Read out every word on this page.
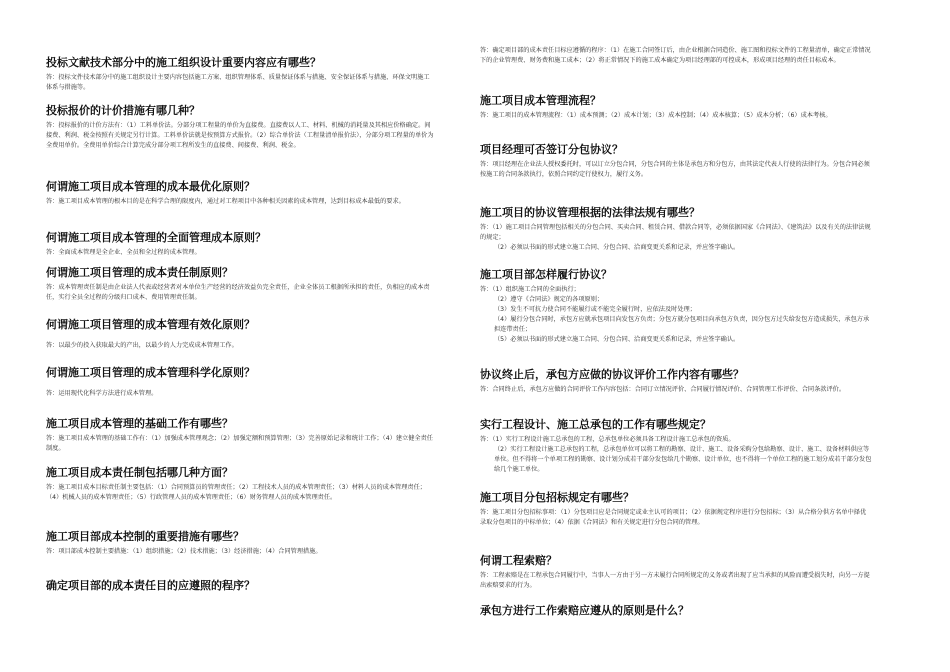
投标文献技术部分中的施工组织设计重要内容应有哪些？

答：投标文件技术部分中的施工组织设计主要内容包括施工方案、组织管理体系、质量保证体系与措施、安全保证体系与措施、环保文明施工体系与措施等。

投标报价的计价措施有哪几种？

答：投标报价的计价方法有：（1）工料单价法。分部分项工程量的单价为直接费。直接费以人工、材料、机械的消耗量及其相应价格确定。间接费、利润、税金按照有关规定另行计算。工料单价法就是按预算方式报价。（2）综合单价法（工程量清单报价法），分部分项工程量的单价为全费用单价。全费用单价综合计算完成分部分项工程所发生的直接费、间接费、利润、税金。

何谓施工项目成本管理的成本最优化原则？

答：施工项目成本管理的根本目的是在科学合理的限度内，通过对工程项目中各种相关因素的成本管理，达到目标成本最低的要求。

何谓施工项目成本管理的全面管理成本原则？

答：全面成本管理是全企业、全员和全过程的成本管理。

何谓施工项目管理的成本责任制原则？

答：成本管理责任制是由企业法人代表或经营者对本单位生产经营的经济效益负完全责任，企业全体员工根据所承担的责任，负相应的成本责任，实行全员全过程的分级归口成本、费用管理责任制。

何谓施工项目管理的成本管理有效化原则？

答：以最少的投入获取最大的产出，以最少的人力完成成本管理工作。

何谓施工项目管理的成本管理科学化原则？

答：运用现代化科学方法进行成本管理。

施工项目成本管理的基础工作有哪些？

答：施工项目成本管理的基础工作有：（1）加强成本管理观念；（2）加强定额和预算管理；（3）完善原始记录和统计工作；（4）建立健全责任制度。

施工项目成本责任制包括哪几种方面？

答：施工项目成本目标责任制主要包括：（1）合同预算员的管理责任；（2）工程技术人员的成本管理责任；（3）材料人员的成本管理责任；（4）机械人员的成本管理责任；（5）行政管理人员的成本管理责任；（6）财务管理人员的成本管理责任。

施工项目部成本控制的重要措施有哪些？

答：项目部成本控制主要措施：（1）组织措施；（2）技术措施；（3）经济措施；（4）合同管理措施。

确定项目部的成本责任目的应遵照的程序？

答：确定项目部的成本责任目标应遵循的程序：（1）在施工合同签订后，由企业根据合同造价、施工图和投标文件的工程量清单，确定正常情况下的企业管理费、财务费和施工成本；（2）将正常情况下的施工成本确定为项目经理部的可控成本，形成项目经理的责任目标成本。

施工项目成本管理流程？

答：施工项目的成本管理流程：（1）成本预测；（2）成本计划；（3）成本控制；（4）成本核算；（5）成本分析；（6）成本考核。

项目经理可否签订分包协议？

答：项目经理在企业法人授权委托时，可以订立分包合同，分包合同的主体是承包方和分包方，由其法定代表人行使的法律行为。分包合同必须按施工的合同条款执行，依照合同约定行使权力，履行义务。

施工项目的协议管理根据的法律法规有哪些？

答：（1）施工项目合同管理包括相关的分包合同、买卖合同、租赁合同、借款合同等，必须依据国家《合同法》、《建筑法》以及有关的法律法规的规定；

（2）必须以书面的形式建立施工合同、分包合同、洽商变更关系和记录，并应签字确认。

施工项目部怎样履行协议？

答：（1）组织施工合同的全面执行；

（2）遵守《合同法》规定的各项原则；

（3）发生不可抗力使合同不能履行或不能完全履行时，应依法及时处理；

（4）履行分包合同时，承包方应就承包项目向发包方负责；分包方就分包项目向承包方负责，因分包方过失给发包方造成损失，承包方承担连带责任；

（5）必须以书面的形式建立施工合同、分包合同、洽商变更关系和记录，并应签字确认。

协议终止后，承包方应做的协议评价工作内容有哪些？

答：合同终止后，承包方应做的合同评价工作内容包括：合同订立情况评价、合同履行情况评价、合同管理工作评价、合同条款评价。

实行工程设计、施工总承包的工作有哪些规定？

答：（1）实行工程设计施工总承包的工程，总承包单位必须具备工程设计施工总承包的资质。

（2）实行工程设计施工总承包的工程，总承包单位可以将工程的勘察、设计、施工、设备采购分包给勘察、设计、施工、设备材料供应等单位。但不得将一个单项工程的勘察、设计划分成若干部分发包给几个勘察、设计单位，也不得将一个单位工程的施工划分成若干部分发包给几个施工单位。

施工项目分包招标规定有哪些？

答：施工项目分包招标事项：（1）分包项目应是合同规定或业主认可的项目；（2）依据规定程序进行分包招标；（3）从合格分供方名单中择优录取分包项目的中标单位；（4）依据《合同法》和有关规定进行分包合同的管理。

何谓工程索赔？

答：工程索赔是在工程承包合同履行中，当事人一方由于另一方未履行合同所规定的义务或者出现了应当承担的风险而遭受损失时，向另一方提出索赔要求的行为。

承包方进行工作索赔应遵从的原则是什么？
